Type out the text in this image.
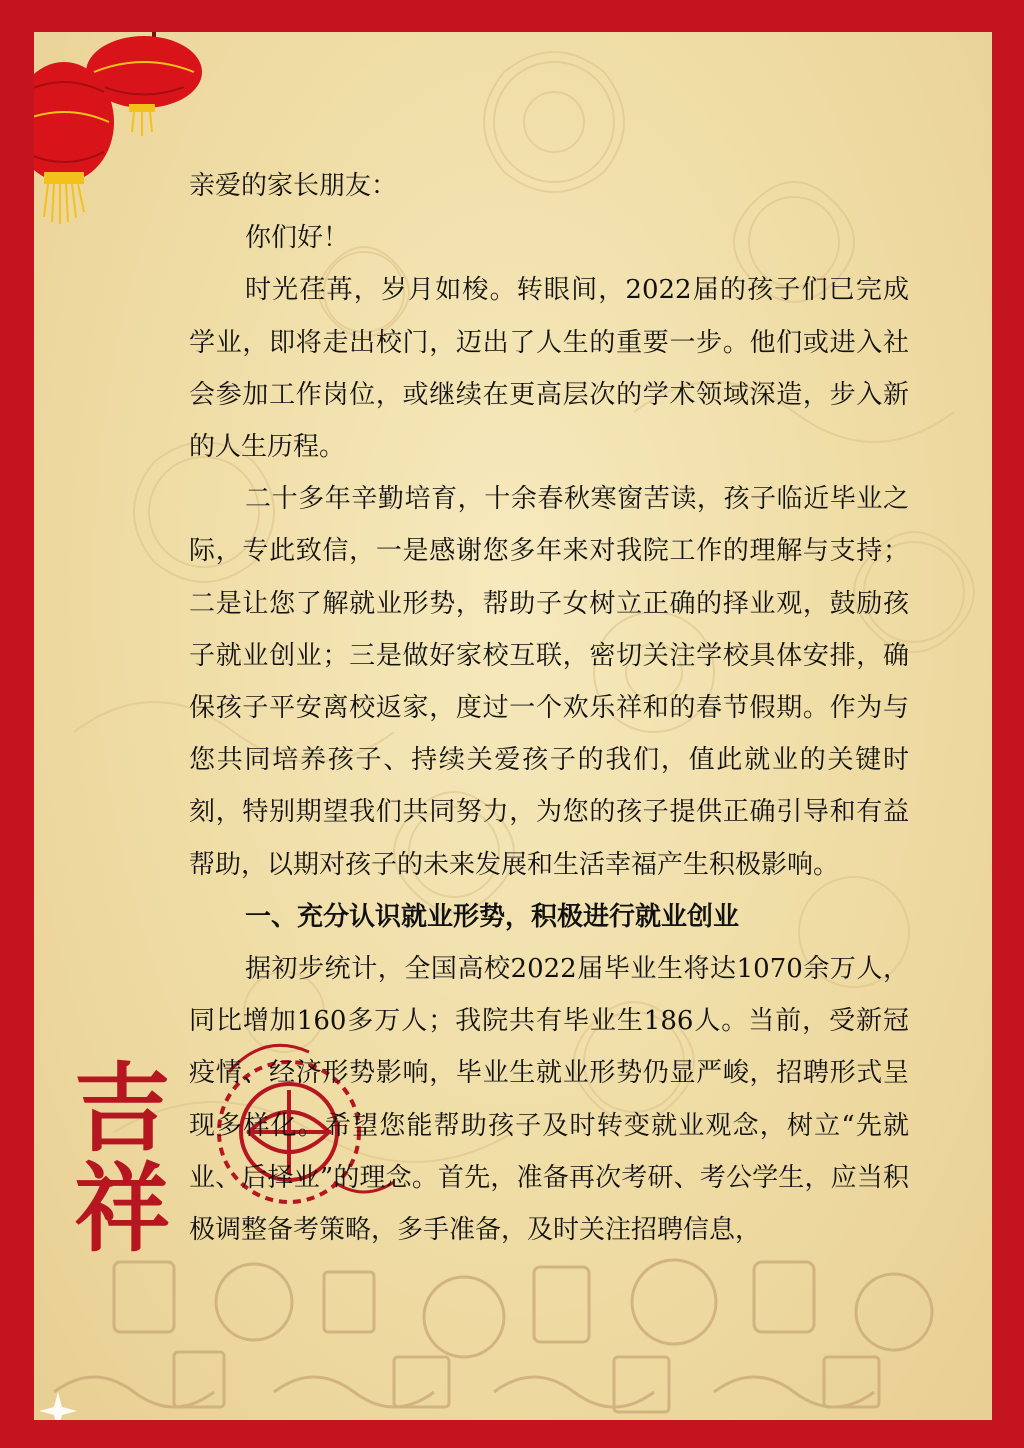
吉
祥

亲爱的家长朋友：

你们好！

时光荏苒，岁月如梭。转眼间，2022届的孩子们已完成学业，即将走出校门，迈出了人生的重要一步。他们或进入社会参加工作岗位，或继续在更高层次的学术领域深造，步入新的人生历程。

二十多年辛勤培育，十余春秋寒窗苦读，孩子临近毕业之际，专此致信，一是感谢您多年来对我院工作的理解与支持；二是让您了解就业形势，帮助子女树立正确的择业观，鼓励孩子就业创业；三是做好家校互联，密切关注学校具体安排，确保孩子平安离校返家，度过一个欢乐祥和的春节假期。作为与您共同培养孩子、持续关爱孩子的我们，值此就业的关键时刻，特别期望我们共同努力，为您的孩子提供正确引导和有益帮助，以期对孩子的未来发展和生活幸福产生积极影响。

一、充分认识就业形势，积极进行就业创业

据初步统计，全国高校2022届毕业生将达1070余万人，同比增加160多万人；我院共有毕业生186人。当前，受新冠疫情、经济形势影响，毕业生就业形势仍显严峻，招聘形式呈现多样化。希望您能帮助孩子及时转变就业观念，树立“先就业、后择业”的理念。首先，准备再次考研、考公学生，应当积极调整备考策略，多手准备，及时关注招聘信息，
